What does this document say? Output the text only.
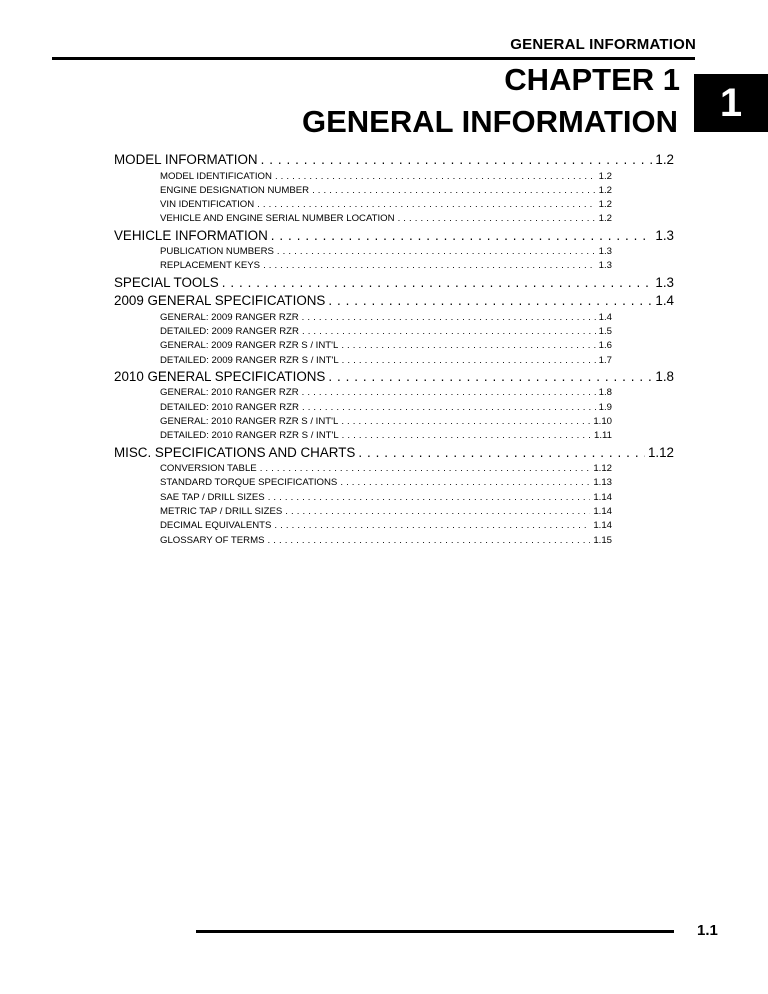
GENERAL INFORMATION
1
CHAPTER 1
GENERAL INFORMATION
MODEL INFORMATION . . .	1.2
MODEL IDENTIFICATION . . .	1.2
ENGINE DESIGNATION NUMBER . . .	1.2
VIN IDENTIFICATION . . .	1.2
VEHICLE AND ENGINE SERIAL NUMBER LOCATION . . .	1.2
VEHICLE INFORMATION . . .	1.3
PUBLICATION NUMBERS . . .	1.3
REPLACEMENT KEYS . . .	1.3
SPECIAL TOOLS . . .	1.3
2009 GENERAL SPECIFICATIONS . . .	1.4
GENERAL: 2009 RANGER RZR . . .	1.4
DETAILED: 2009 RANGER RZR . . .	1.5
GENERAL: 2009 RANGER RZR S / INT'L . . .	1.6
DETAILED: 2009 RANGER RZR S / INT'L . . .	1.7
2010 GENERAL SPECIFICATIONS . . .	1.8
GENERAL: 2010 RANGER RZR . . .	1.8
DETAILED: 2010 RANGER RZR . . .	1.9
GENERAL: 2010 RANGER RZR S / INT'L . . .	1.10
DETAILED: 2010 RANGER RZR S / INT'L . . .	1.11
MISC. SPECIFICATIONS AND CHARTS . . .	1.12
CONVERSION TABLE . . .	1.12
STANDARD TORQUE SPECIFICATIONS . . .	1.13
SAE TAP / DRILL SIZES . . .	1.14
METRIC TAP / DRILL SIZES . . .	1.14
DECIMAL EQUIVALENTS . . .	1.14
GLOSSARY OF TERMS . . .	1.15
1.1
